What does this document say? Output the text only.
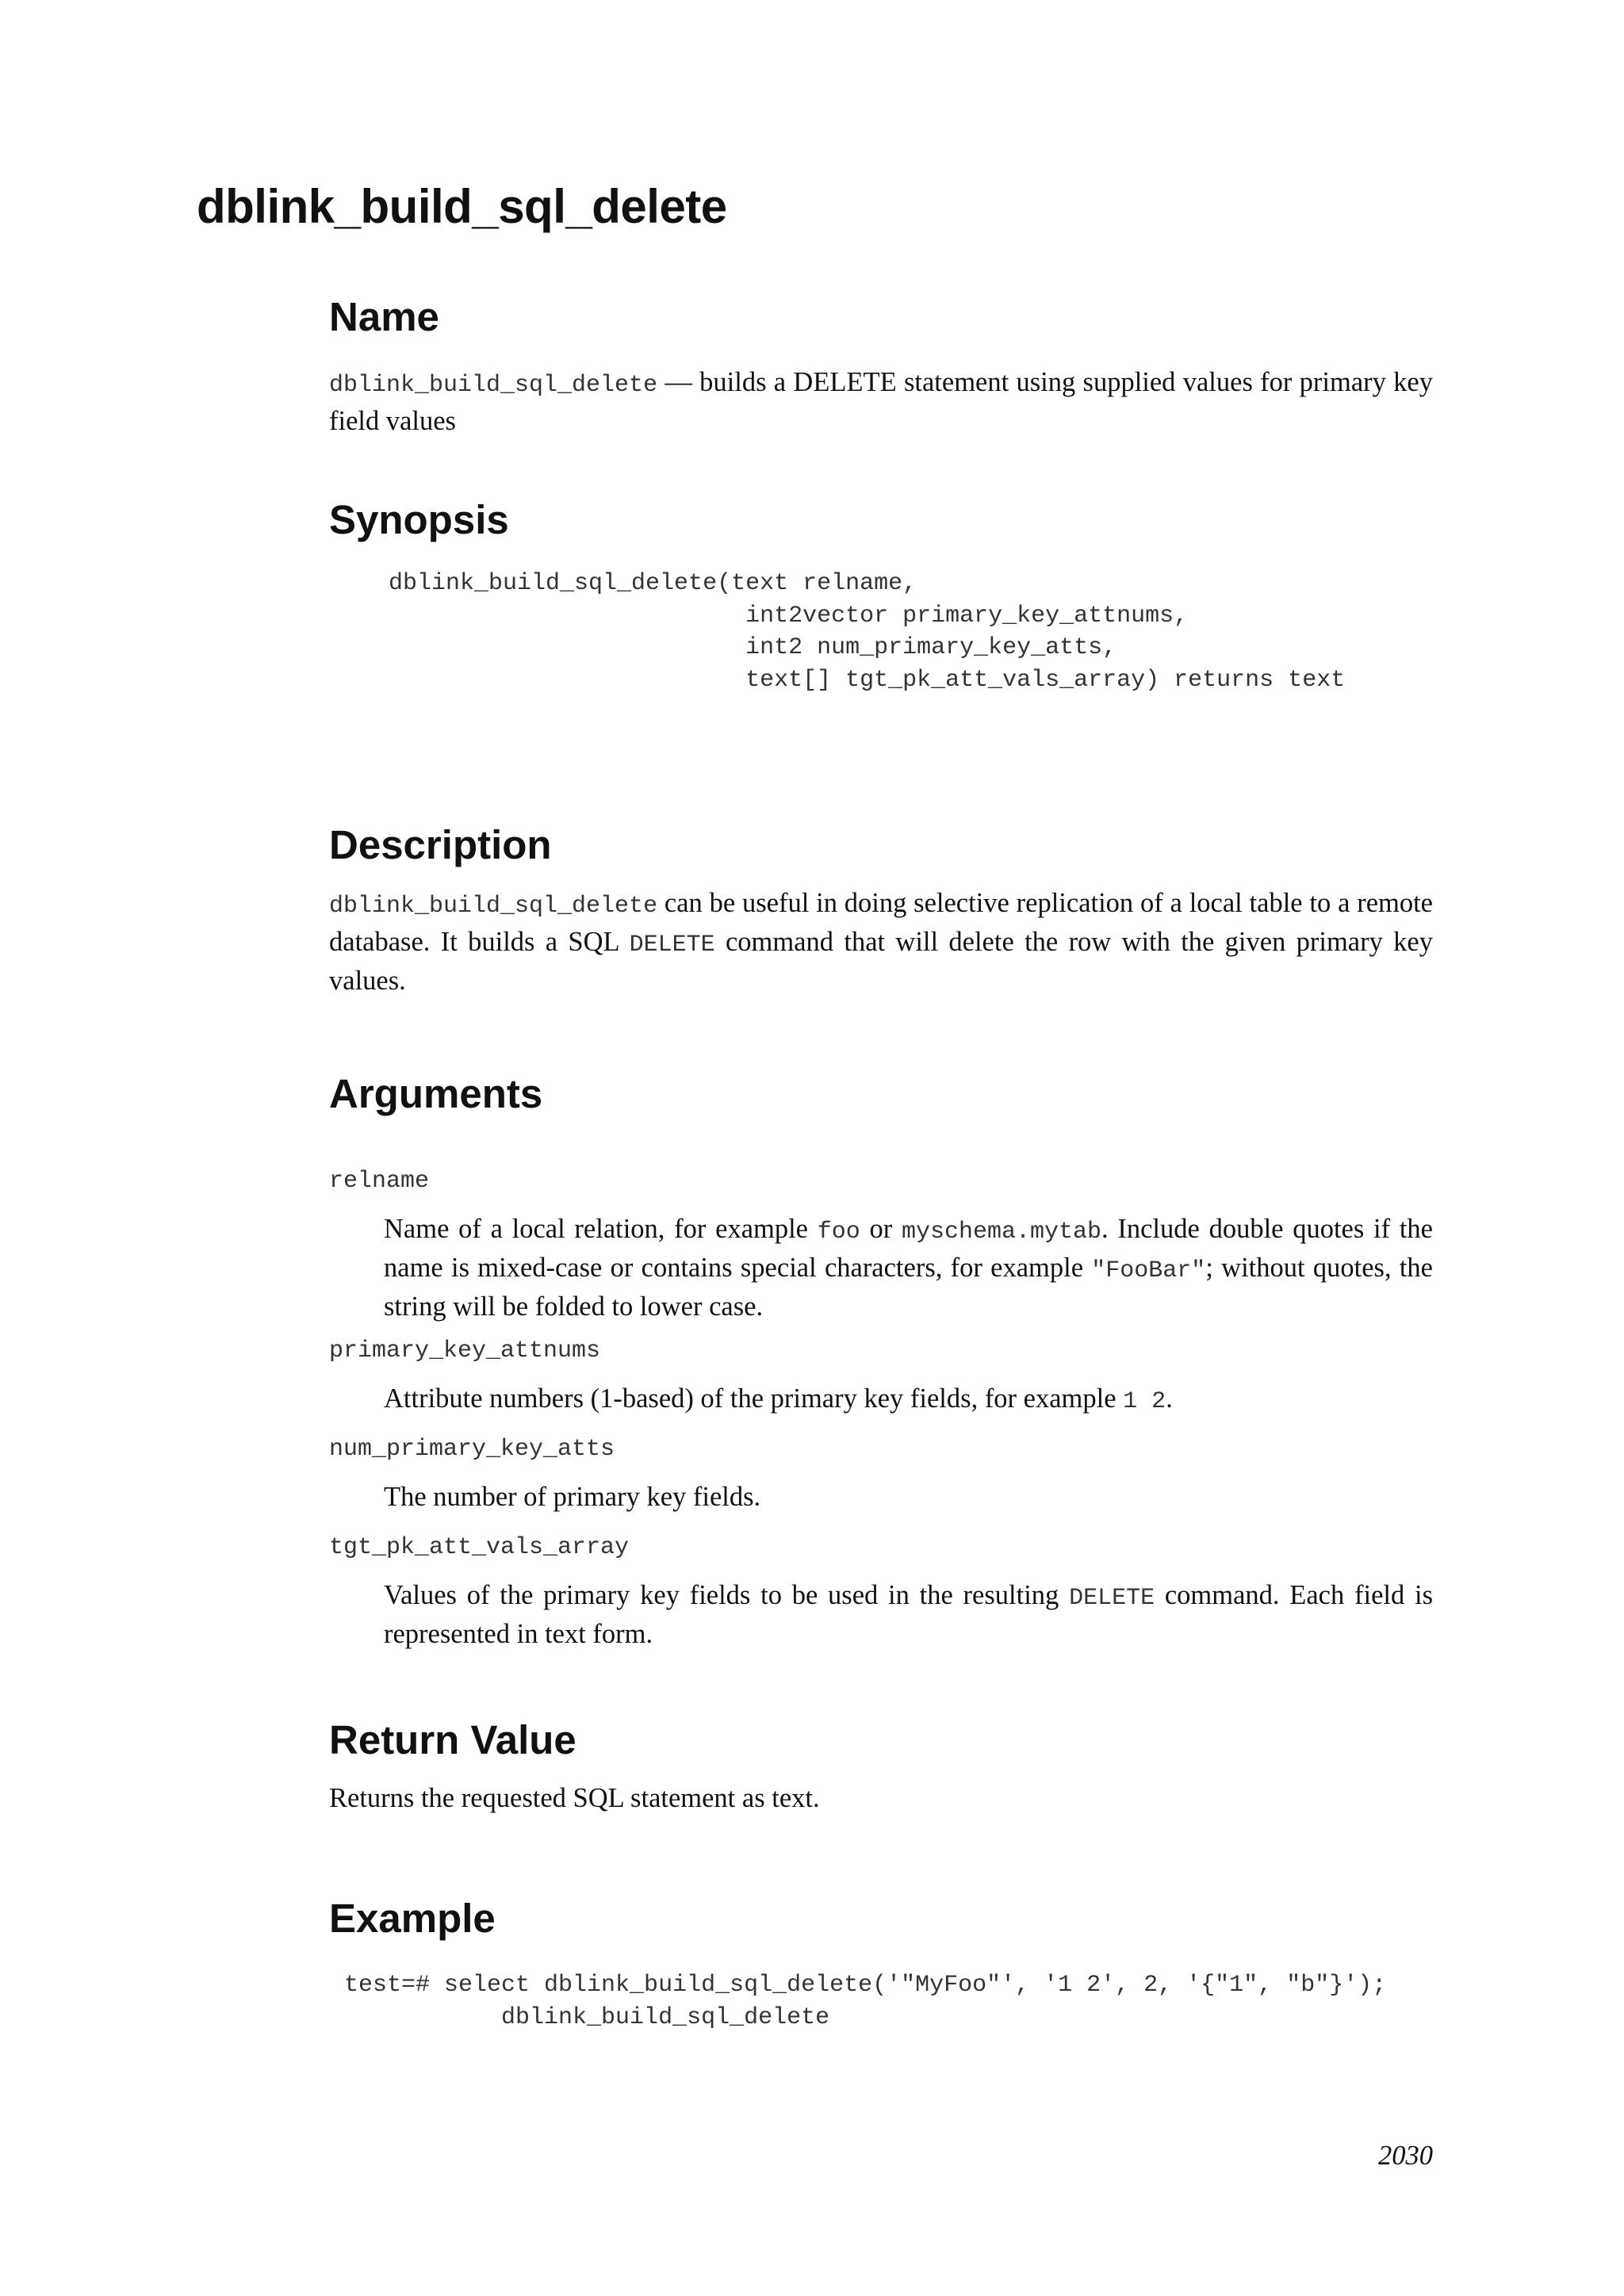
dblink_build_sql_delete
Name

dblink_build_sql_delete — builds a DELETE statement using supplied values for primary key field values

Synopsis
dblink_build_sql_delete(text relname,
int2vector primary_key_attnums,
int2 num_primary_key_atts,
text[] tgt_pk_att_vals_array) returns text
Description

dblink_build_sql_delete can be useful in doing selective replication of a local table to a remote database. It builds a SQL DELETE command that will delete the row with the given primary key values.

Arguments
relname

Name of a local relation, for example foo or myschema.mytab. Include double quotes if the name is mixed-case or contains special characters, for example "FooBar"; without quotes, the string will be folded to lower case.

primary_key_attnums

Attribute numbers (1-based) of the primary key fields, for example 1 2.

num_primary_key_atts

The number of primary key fields.

tgt_pk_att_vals_array

Values of the primary key fields to be used in the resulting DELETE command. Each field is represented in text form.

Return Value

Returns the requested SQL statement as text.

Example
test=# select dblink_build_sql_delete('"MyFoo"', '1 2', 2, '{"1", "b"}');
dblink_build_sql_delete

2030
